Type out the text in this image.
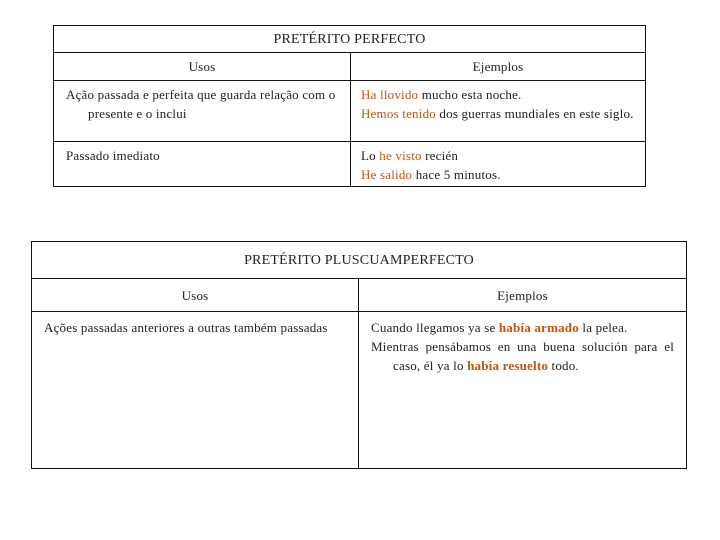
PRETÉRITO PERFECTO	
Usos	Ejemplos

Ação passada e perfeita que guarda relação com o presente e o inclui	Ha llovido mucho esta noche.
Hemos tenido dos guerras mundiales en este siglo.

Passado imediato	Lo he visto recién
He salido hace 5 minutos.
PRETÉRITO PLUSCUAMPERFECTO	
Usos	Ejemplos

Ações passadas anteriores a outras também passadas	Cuando llegamos ya se había armado la pelea.
Mientras pensábamos en una buena solución para el caso, él ya lo había resuelto todo.
